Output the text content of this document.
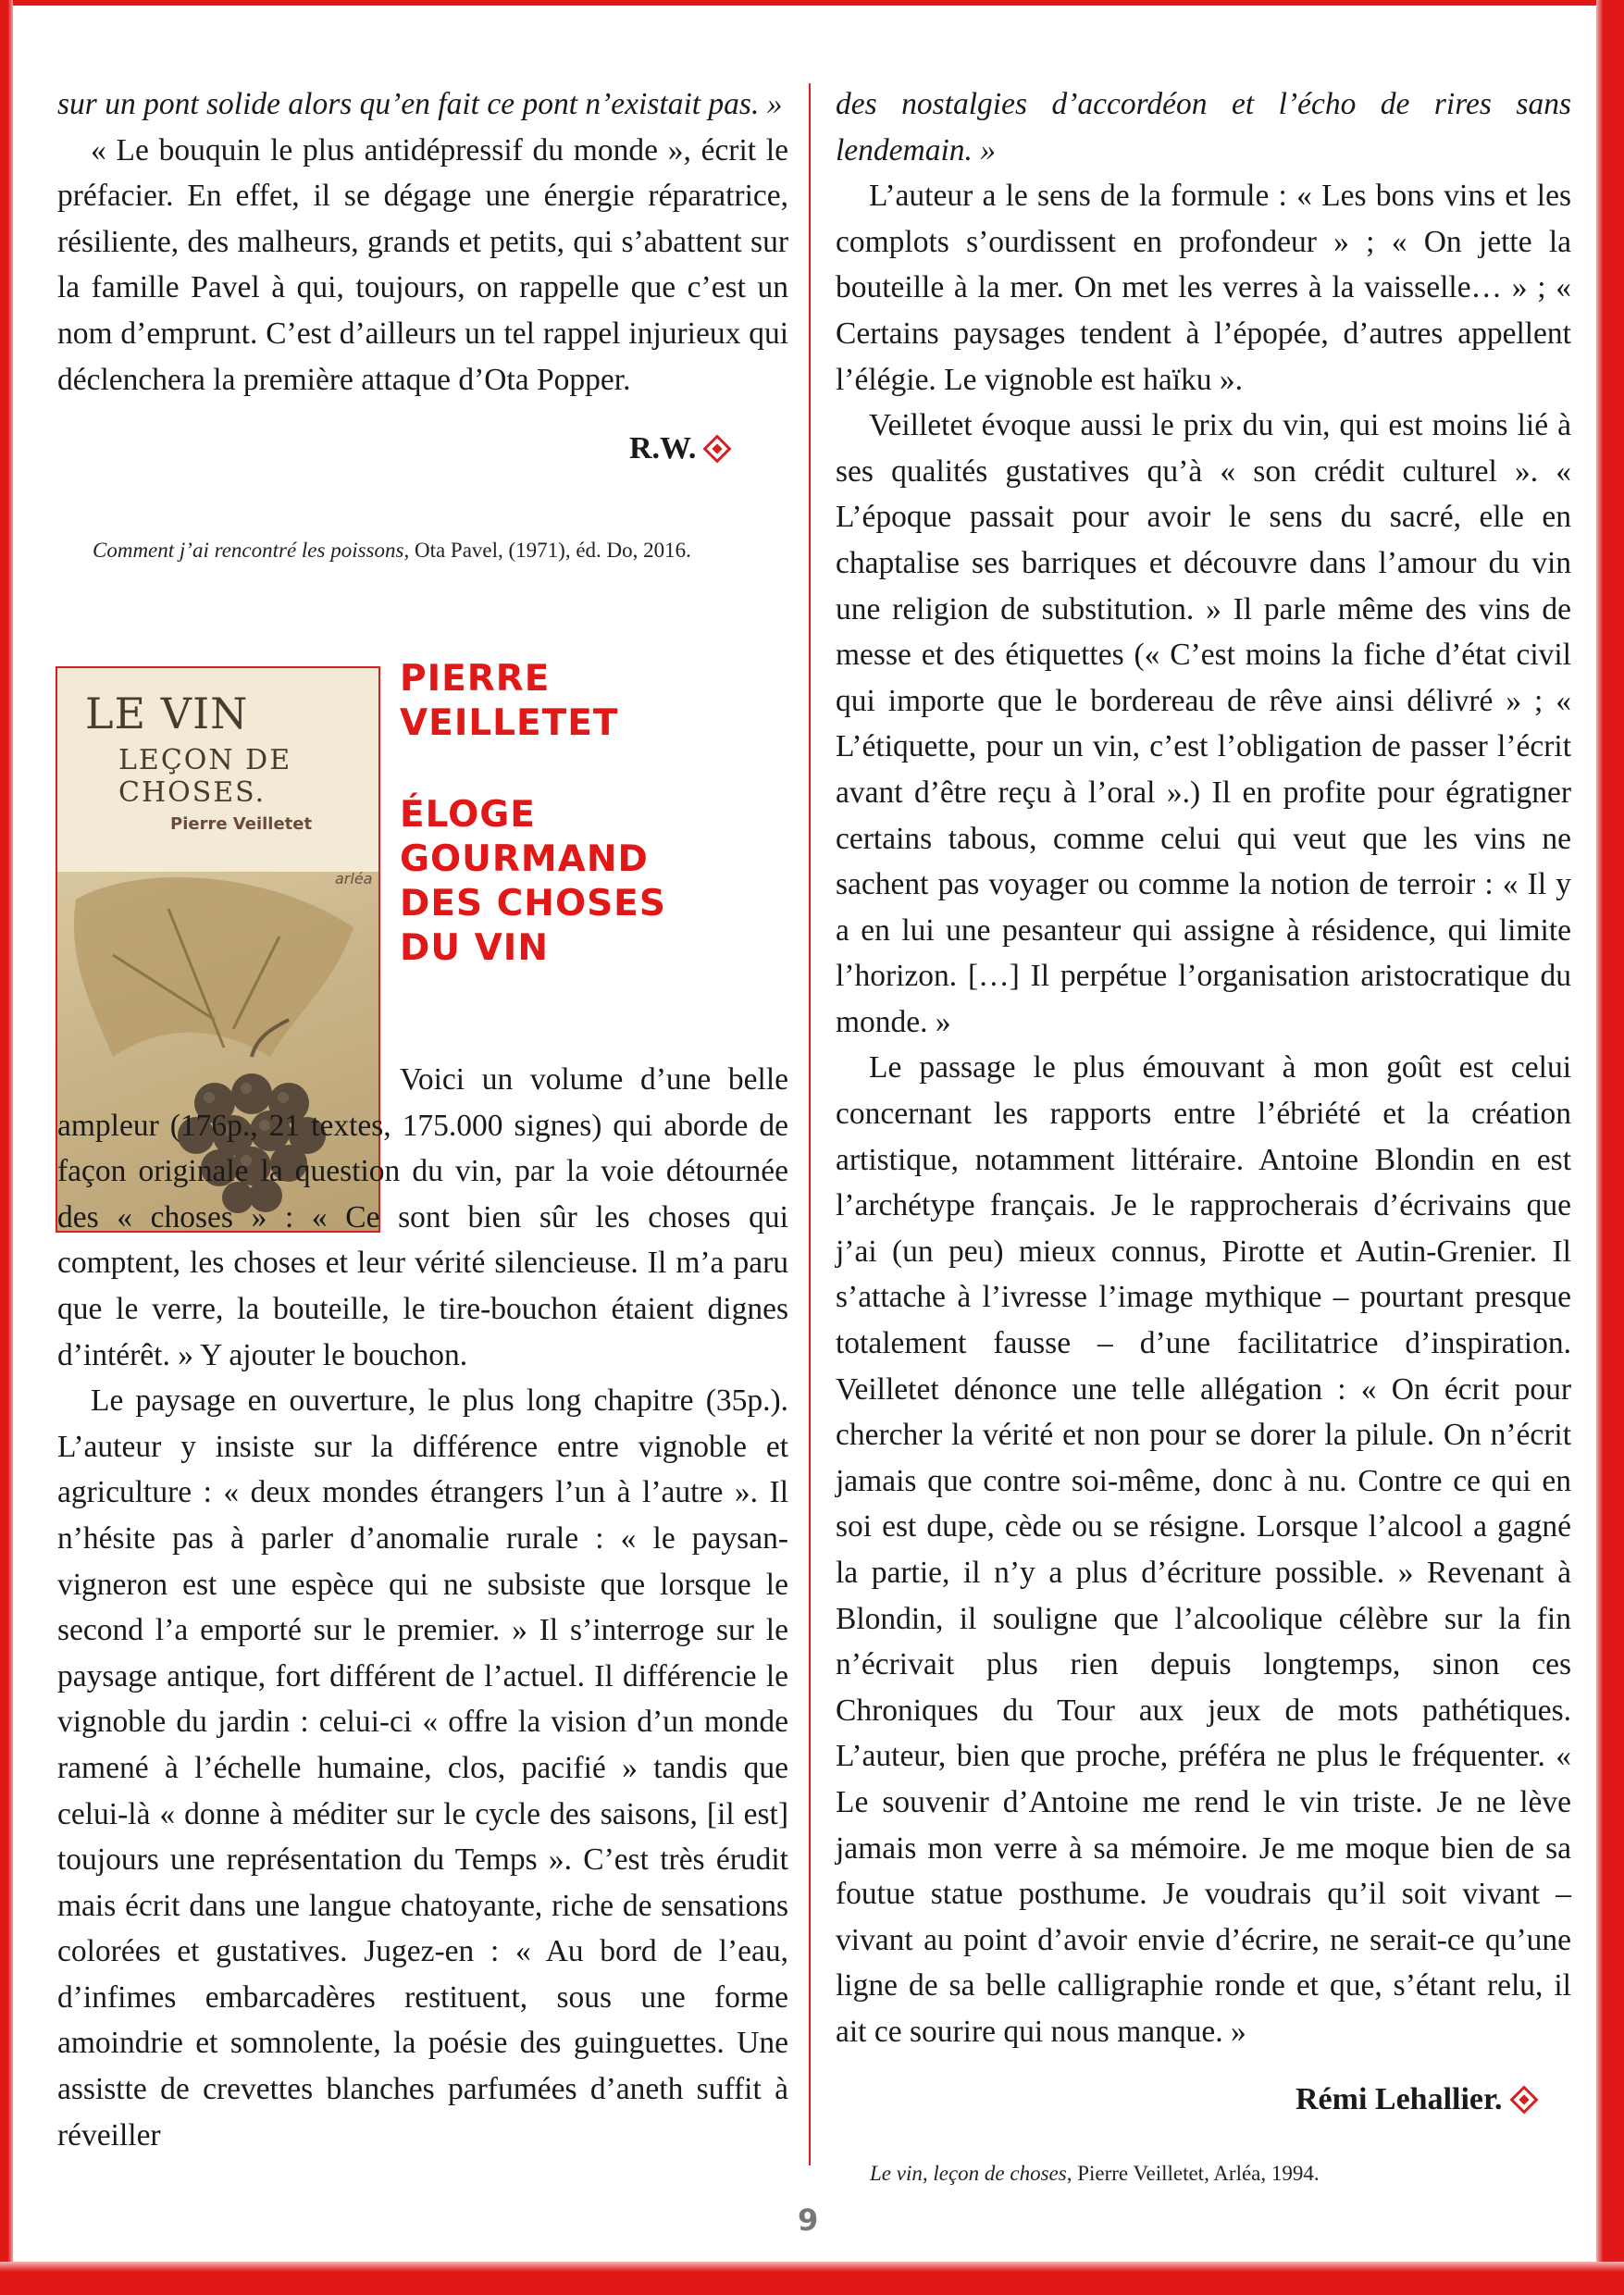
sur un pont solide alors qu’en fait ce pont n’existait pas. »

« Le bouquin le plus antidépressif du monde », écrit le préfacier. En effet, il se dégage une énergie réparatrice, résiliente, des malheurs, grands et petits, qui s’abattent sur la famille Pavel à qui, toujours, on rappelle que c’est un nom d’emprunt. C’est d’ailleurs un tel rappel injurieux qui déclenchera la première attaque d’Ota Popper.

R.W.
Comment j’ai rencontré les poissons, Ota Pavel, (1971), éd. Do, 2016.
LE VIN
LEÇON DE CHOSES.
Pierre Veilletet
arléa
PIERRE VEILLETET
ÉLOGE GOURMAND DES CHOSES DU VIN

Voici un volume d’une belle ampleur (176p., 21 textes, 175.000 signes) qui aborde de façon originale la question du vin, par la voie détournée des « choses » : « Ce sont bien sûr les choses qui comptent, les choses et leur vérité silencieuse. Il m’a paru que le verre, la bouteille, le tire-bouchon étaient dignes d’intérêt. » Y ajouter le bouchon.

Le paysage en ouverture, le plus long chapitre (35p.). L’auteur y insiste sur la différence entre vignoble et agriculture : « deux mondes étrangers l’un à l’autre ». Il n’hésite pas à parler d’anomalie rurale : « le paysan-vigneron est une espèce qui ne subsiste que lorsque le second l’a emporté sur le premier. » Il s’interroge sur le paysage antique, fort différent de l’actuel. Il différencie le vignoble du jardin : celui-ci « offre la vision d’un monde ramené à l’échelle humaine, clos, pacifié » tandis que celui-là « donne à méditer sur le cycle des saisons, [il est] toujours une représentation du Temps ». C’est très érudit mais écrit dans une langue chatoyante, riche de sensations colorées et gustatives. Jugez-en : « Au bord de l’eau, d’infimes embarcadères restituent, sous une forme amoindrie et somnolente, la poésie des guinguettes. Une assistte de crevettes blanches parfumées d’aneth suffit à réveiller

des nostalgies d’accordéon et l’écho de rires sans lendemain. »

L’auteur a le sens de la formule : « Les bons vins et les complots s’ourdissent en profondeur » ; « On jette la bouteille à la mer. On met les verres à la vaisselle… » ; « Certains paysages tendent à l’épopée, d’autres appellent l’élégie. Le vignoble est haïku ».

Veilletet évoque aussi le prix du vin, qui est moins lié à ses qualités gustatives qu’à « son crédit culturel ». « L’époque passait pour avoir le sens du sacré, elle en chaptalise ses barriques et découvre dans l’amour du vin une religion de substitution. » Il parle même des vins de messe et des étiquettes (« C’est moins la fiche d’état civil qui importe que le bordereau de rêve ainsi délivré » ; « L’étiquette, pour un vin, c’est l’obligation de passer l’écrit avant d’être reçu à l’oral ».) Il en profite pour égratigner certains tabous, comme celui qui veut que les vins ne sachent pas voyager ou comme la notion de terroir : « Il y a en lui une pesanteur qui assigne à résidence, qui limite l’horizon. […] Il perpétue l’organisation aristocratique du monde. »

Le passage le plus émouvant à mon goût est celui concernant les rapports entre l’ébriété et la création artistique, notamment littéraire. Antoine Blondin en est l’archétype français. Je le rapprocherais d’écrivains que j’ai (un peu) mieux connus, Pirotte et Autin-Grenier. Il s’attache à l’ivresse l’image mythique – pourtant presque totalement fausse – d’une facilitatrice d’inspiration. Veilletet dénonce une telle allégation : « On écrit pour chercher la vérité et non pour se dorer la pilule. On n’écrit jamais que contre soi-même, donc à nu. Contre ce qui en soi est dupe, cède ou se résigne. Lorsque l’alcool a gagné la partie, il n’y a plus d’écriture possible. » Revenant à Blondin, il souligne que l’alcoolique célèbre sur la fin n’écrivait plus rien depuis longtemps, sinon ces Chroniques du Tour aux jeux de mots pathétiques. L’auteur, bien que proche, préféra ne plus le fréquenter. « Le souvenir d’Antoine me rend le vin triste. Je ne lève jamais mon verre à sa mémoire. Je me moque bien de sa foutue statue posthume. Je voudrais qu’il soit vivant – vivant au point d’avoir envie d’écrire, ne serait-ce qu’une ligne de sa belle calligraphie ronde et que, s’étant relu, il ait ce sourire qui nous manque. »

Rémi Lehallier.
Le vin, leçon de choses, Pierre Veilletet, Arléa, 1994.
9
